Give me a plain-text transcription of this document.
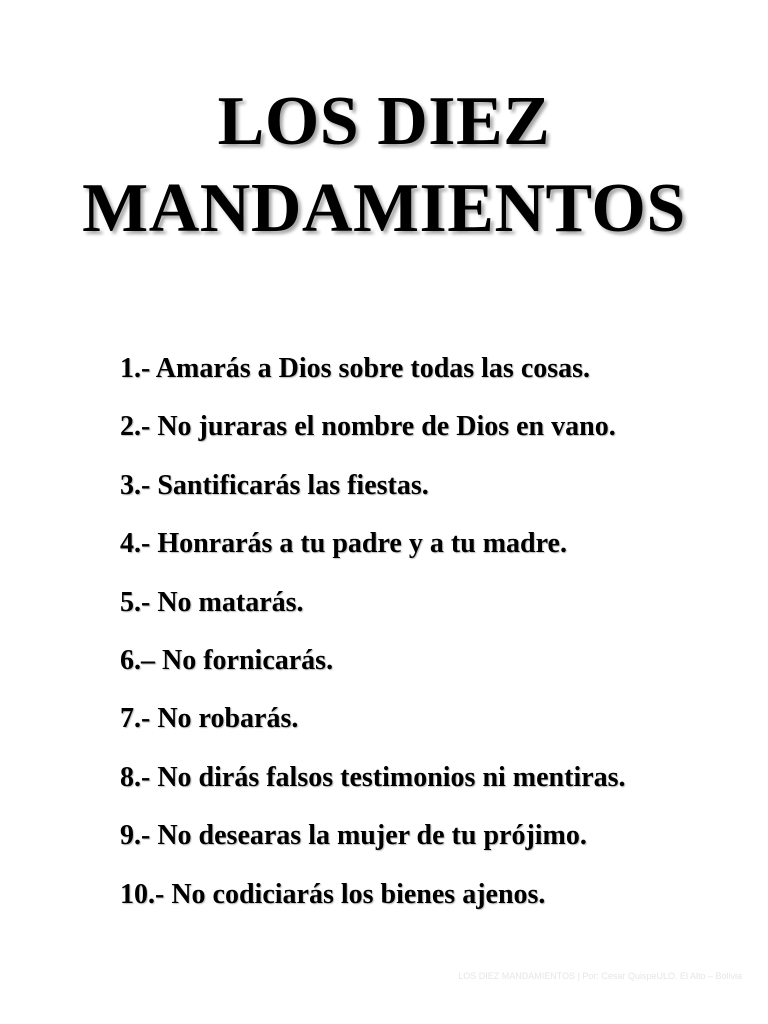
LOS DIEZ
MANDAMIENTOS
1.- Amarás a Dios sobre todas las cosas.
2.- No juraras el nombre de Dios en vano.
3.- Santificarás las fiestas.
4.- Honrarás a tu padre y a tu madre.
5.- No matarás.
6.– No fornicarás.
7.- No robarás.
8.- No dirás falsos testimonios ni mentiras.
9.- No desearas la mujer de tu prójimo.
10.- No codiciarás los bienes ajenos.
LOS DIEZ MANDAMIENTOS | Por: Cesar QuispeULO. El Alto – Bolivia
